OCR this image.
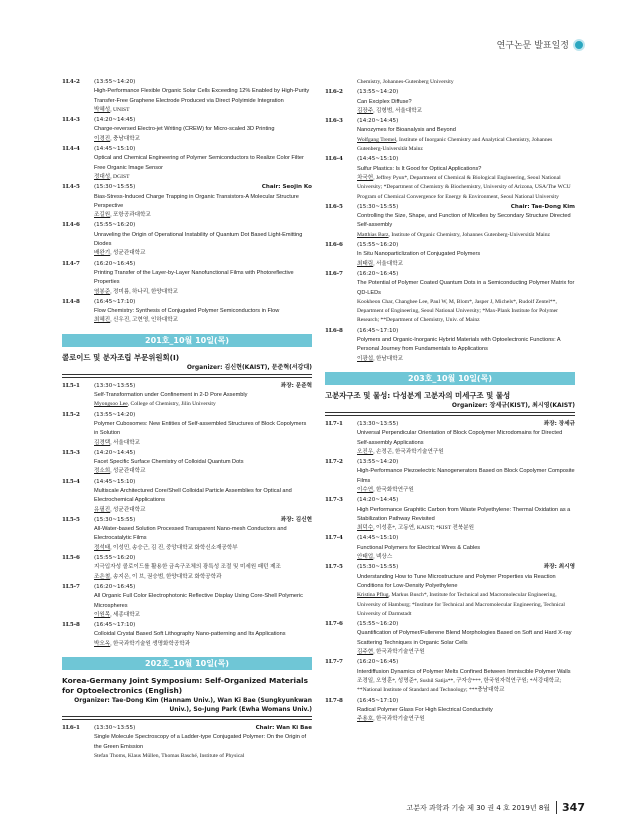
연구논문 발표일정
1L4-2	(13:55~14:20)
High-Performance Flexible Organic Solar Cells Exceeding 12% Enabled by High-Purity Transfer-Free Graphene Electrode Produced via Direct Polyimide Integration
박혜성, UNIST
1L4-3	(14:20~14:45)
Charge-reversed Electro-jet Writing (CREW) for Micro-scaled 3D Printing
이경진, 충남대학교
1L4-4	(14:45~15:10)
Optical and Chemical Engineering of Polymer Semiconductors to Realize Color Filter Free Organic Image Sensor
정대성, DGIST
1L4-5	(15:30~15:55)	Chair: Seojin Ko
Bias-Stress-Induced Charge Trapping in Organic Transistors-A Molecular Structure Perspective
조길원, 포항공과대학교
1L4-6	(15:55~16:20)
Unraveling the Origin of Operational Instability of Quantum Dot Based Light-Emitting Diodes
배완기, 성균관대학교
1L4-7	(16:20~16:45)
Printing Transfer of the Layer-by-Layer Nanofunctional Films with Photoreflective Properties
염봉준, 정미름, 하나리, 한양대학교
1L4-8	(16:45~17:10)
Flow Chemistry: Synthesis of Conjugated Polymer Semiconductors in Flow
최혜진, 신우진, 고현영, 인하대학교
201호_10월 10일(목)
콜로이드 및 분자조립 부문위원회(I)
Organizer: 김신현(KAIST), 문준혁(서강대)
1L5-1	(13:30~13:55)	좌장: 문준혁
Self-Transformation under Confinement in 2-D Pore Assembly
Myongsoo Lee, College of Chemistry, Jilin University
1L5-2	(13:55~14:20)
Polymer Cubosomes: New Entities of Self-assembled Structures of Block Copolymers in Solution
김경택, 서울대학교
1L5-3	(14:20~14:45)
Facet Specific Surface Chemistry of Colloidal Quantum Dots
정소희, 성균관대학교
1L5-4	(14:45~15:10)
Multiscale Architectured Core/Shell Colloidal Particle Assemblies for Optical and Electrochemical Applications
유필진, 성균관대학교
1L5-5	(15:30~15:55)	좌장: 김신현
All-Water-based Solution Processed Transparent Nano-mesh Conductors and Electrocatalytic Films
정석태, 이성민, 송승근, 김 진, 중앙대학교 화학신소재공학부
1L5-6	(15:55~16:20)
지극입자성 콜로이드를 활용한 금속구조체의 광특성 조절 및 미세원 패턴 제조
조은철, 송지은, 이 브, 권승범, 한양대학교 화학공학과
1L5-7	(16:20~16:45)
All Organic Full Color Electrophotonic Reflective Display Using Core-Shell Polymeric Microspheres
이원목, 세종대학교
1L5-8	(16:45~17:10)
Colloidal Crystal Based Soft Lithography Nano-patterning and Its Applications
박오옥, 한국과학기술원 생명화학공학과
202호_10월 10일(목)
Korea-Germany Joint Symposium: Self-Organized Materials for Optoelectronics (English)
Organizer: Tae-Dong Kim (Hannam Univ.), Wan Ki Bae (Sungkyunkwan Univ.), So-Jung Park (Ewha Womans Univ.)
1L6-1	(13:30~13:55)	Chair: Wan Ki Bae
Single Molecule Spectroscopy of a Ladder-type Conjugated Polymer: On the Origin of the Green Emission
Stefan Thoms, Klaus Müllen, Thomas Basché, Institute of Physical
Chemistry, Johannes-Gutenberg University
1L6-2	(13:55~14:20)
Can Exciplex Diffuse?
김장주, 김형범, 서울대학교
1L6-3	(14:20~14:45)
Nanozymes for Bioanalysis and Beyond
Wolfgang Tremel, Institute of Inorganic Chemistry and Analytical Chemistry, Johannes Gutenberg-Universität Mainz
1L6-4	(14:45~15:10)
Sulfur Plastics: Is It Good for Optical Applications?
차국헌, Jeffrey Pyun*, Department of Chemical & Biological Engineering, Seoul National University; *Department of Chemistry & Biochemistry, University of Arizona, USA/The WCU Program of Chemical Convergence for Energy & Environment, Seoul National University
1L6-5	(15:30~15:55)	Chair: Tae-Dong Kim
Controlling the Size, Shape, and Function of Micelles by Secondary Structure Directed Self-assembly
Matthias Barz, Institute of Organic Chemistry, Johannes Gutenberg-Universität Mainz
1L6-6	(15:55~16:20)
In Situ Nanoparticlization of Conjugated Polymers
최태림, 서울대학교
1L6-7	(16:20~16:45)
The Potential of Polymer Coated Quantum Dots in a Semiconducting Polymer Matrix for QD-LEDs
Kookheon Char, Changhee Lee, Paul W, M, Blom*, Jasper J, Michels*, Rudolf Zentel**, Department of Engineering, Seoul National University; *Max-Plank Institute for Polymer Research; **Department of Chemistry, Univ. of Mainz
1L6-8	(16:45~17:10)
Polymers and Organic-Inorganic Hybrid Materials with Optoelectronic Functions: A Personal Journey from Fundamentals to Applications
이광섭, 한남대학교
203호_10월 10일(목)
고분자구조 및 물성: 다성분계 고분자의 미세구조 및 물성
Organizer: 장세규(KIST), 최시영(KAIST)
1L7-1	(13:30~13:55)	좌장: 장세규
Universal Perpendicular Orientation of Block Copolymer Microdomains for Directed Self-assembly Applications
오진우, 손정곤, 한국과학기술연구원
1L7-2	(13:55~14:20)
High-Performance Piezoelectric Nanogenerators Based on Block Copolymer Composite Films
이수연, 한국화학연구원
1L7-3	(14:20~14:45)
High Performance Graphitic Carbon from Waste Polyethylene: Thermal Oxidation as a Stabilization Pathway Revisited
최덕수, 이성훈*, 고동연, KAIST; *KIST 전북분원
1L7-4	(14:45~15:10)
Functional Polymers for Electrical Wires & Cables
안태업, 넥상스
1L7-5	(15:30~15:55)	좌장: 최시영
Understanding How to Tune Microstructure and Polymer Properties via Reaction Conditions for Low-Density Polyethylene
Kristina Pflug, Markus Busch*, Institute for Technical and Macromolecular Engineering, University of Hamburg; *Institute for Technical and Macromolecular Engineering, Technical University of Darmstadt
1L7-6	(15:55~16:20)
Quantification of Polymer/Fullerene Blend Morphologies Based on Soft and Hard X-ray Scattering Techniques in Organic Solar Cells
김주현, 한국과학기술연구원
1L7-7	(16:20~16:45)
Interdiffusion Dynamics of Polymer Melts Confined Between Immiscible Polymer Walls
조경일, 오영훈*, 성명준*, Sushil Satija**, 구자승***, 한국원자력연구원; *서강대학교; **National Institute of Standard and Technology; ***충남대학교
1L7-8	(16:45~17:10)
Radical Polymer Glass For High Electrical Conductivity
주용호, 한국과학기술연구원
고분자 과학과 기술 제 30 권 4 호 2019년 8월	347
